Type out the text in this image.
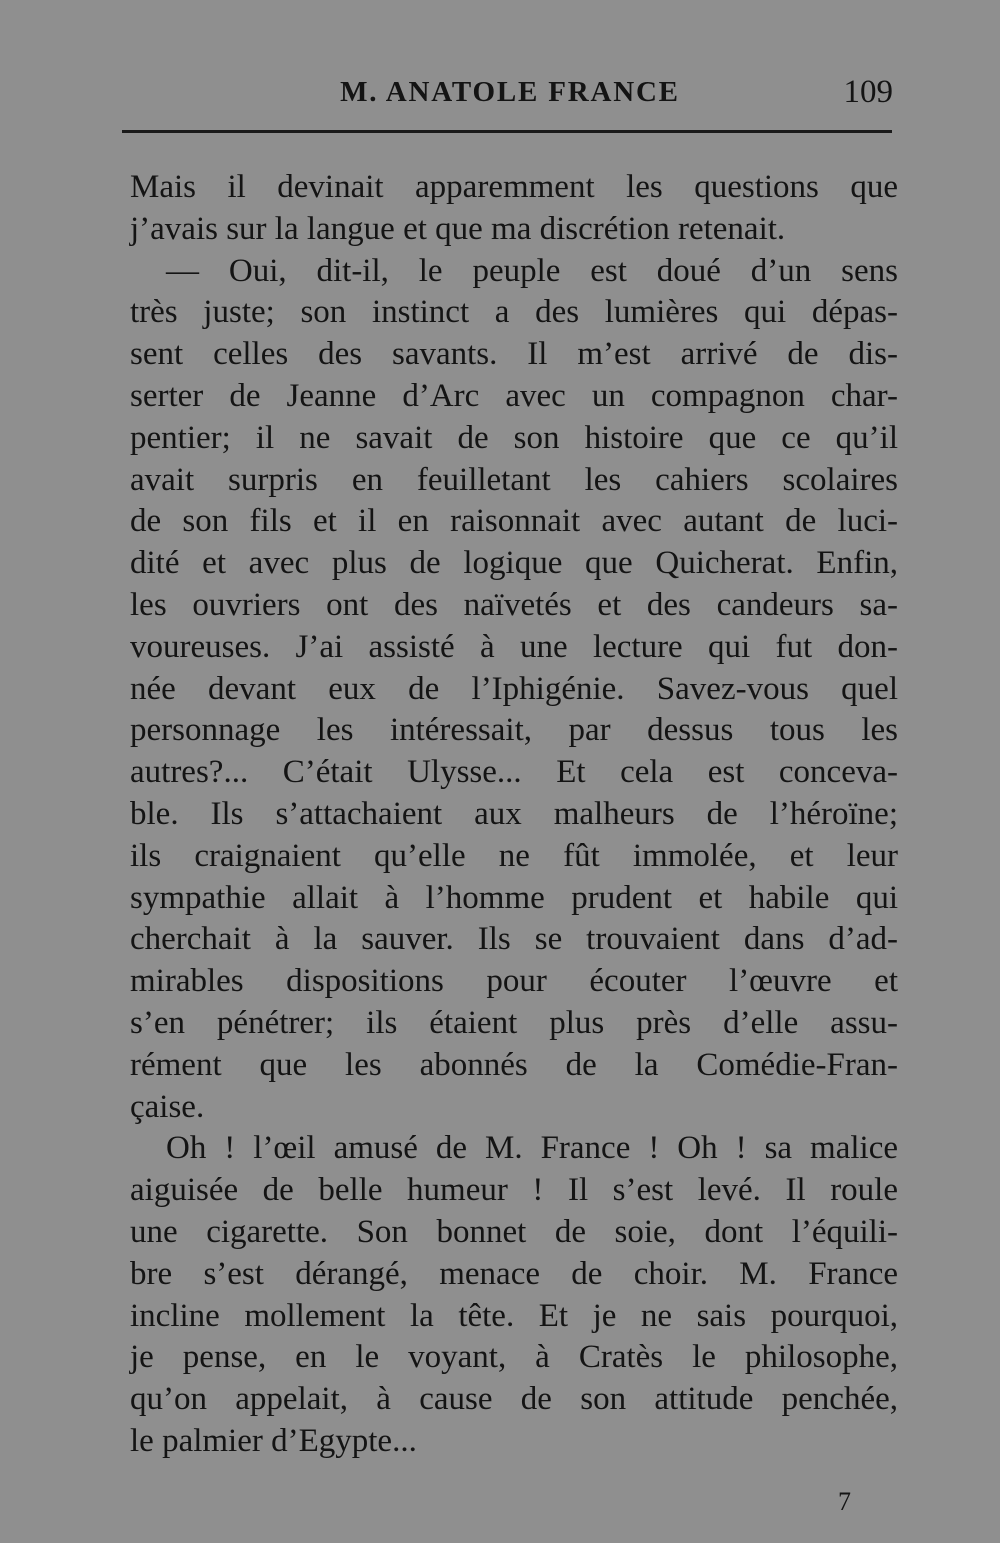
M. ANATOLE FRANCE	109
Mais il devinait apparemment les questions que
j’avais sur la langue et que ma discrétion retenait.
— Oui, dit-il, le peuple est doué d’un sens
très juste; son instinct a des lumières qui dépas-
sent celles des savants. Il m’est arrivé de dis-
serter de Jeanne d’Arc avec un compagnon char-
pentier; il ne savait de son histoire que ce qu’il
avait surpris en feuilletant les cahiers scolaires
de son fils et il en raisonnait avec autant de luci-
dité et avec plus de logique que Quicherat. Enfin,
les ouvriers ont des naïvetés et des candeurs sa-
voureuses. J’ai assisté à une lecture qui fut don-
née devant eux de l’Iphigénie. Savez-vous quel
personnage les intéressait, par dessus tous les
autres?... C’était Ulysse... Et cela est conceva-
ble. Ils s’attachaient aux malheurs de l’héroïne;
ils craignaient qu’elle ne fût immolée, et leur
sympathie allait à l’homme prudent et habile qui
cherchait à la sauver. Ils se trouvaient dans d’ad-
mirables dispositions pour écouter l’œuvre et
s’en pénétrer; ils étaient plus près d’elle assu-
rément que les abonnés de la Comédie-Fran-
çaise.
Oh ! l’œil amusé de M. France ! Oh ! sa malice
aiguisée de belle humeur ! Il s’est levé. Il roule
une cigarette. Son bonnet de soie, dont l’équili-
bre s’est dérangé, menace de choir. M. France
incline mollement la tête. Et je ne sais pourquoi,
je pense, en le voyant, à Cratès le philosophe,
qu’on appelait, à cause de son attitude penchée,
le palmier d’Egypte...
7
